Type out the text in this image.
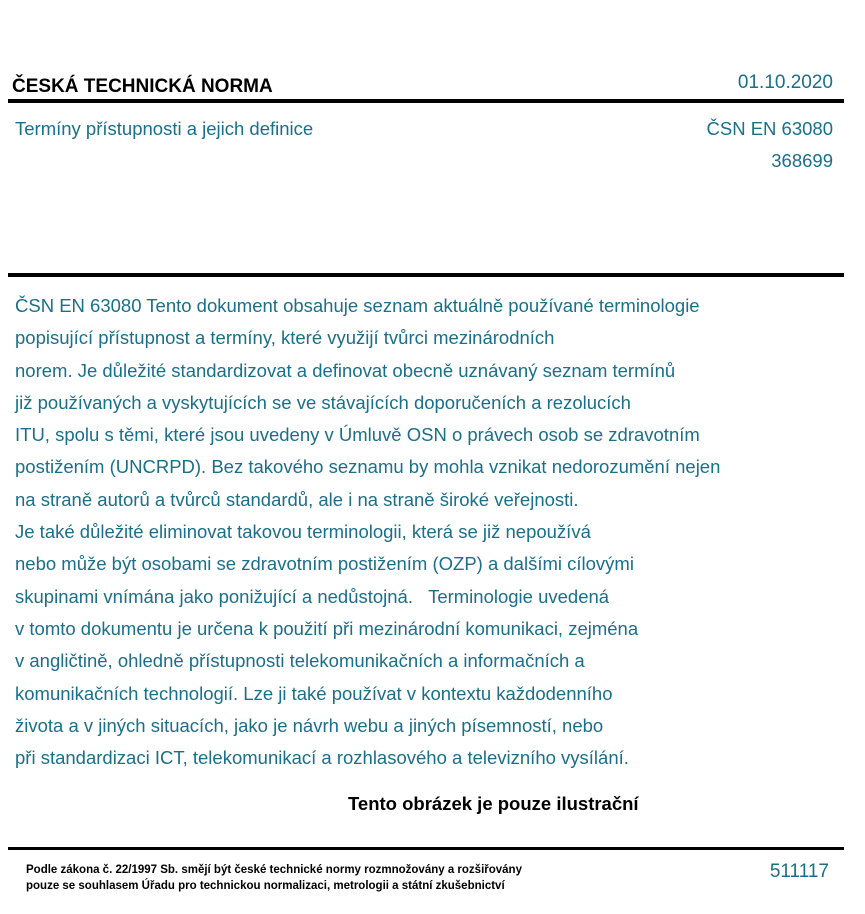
ČESKÁ TECHNICKÁ NORMA	01.10.2020
Termíny přístupnosti a jejich definice	ČSN EN 63080
368699
ČSN EN 63080 Tento dokument obsahuje seznam aktuálně používané terminologie
popisující přístupnost a termíny, které využijí tvůrci mezinárodních
norem. Je důležité standardizovat a definovat obecně uznávaný seznam termínů
již používaných a vyskytujících se ve stávajících doporučeních a rezolucích
ITU, spolu s těmi, které jsou uvedeny v Úmluvě OSN o právech osob se zdravotním
postižením (UNCRPD). Bez takového seznamu by mohla vznikat nedorozumění nejen
na straně autorů a tvůrců standardů, ale i na straně široké veřejnosti.
Je také důležité eliminovat takovou terminologii, která se již nepoužívá
nebo může být osobami se zdravotním postižením (OZP) a dalšími cílovými
skupinami vnímána jako ponižující a nedůstojná.   Terminologie uvedená
v tomto dokumentu je určena k použití při mezinárodní komunikaci, zejména
v angličtině, ohledně přístupnosti telekomunikačních a informačních a
komunikačních technologií. Lze ji také používat v kontextu každodenního
života a v jiných situacích, jako je návrh webu a jiných písemností, nebo
při standardizaci ICT, telekomunikací a rozhlasového a televizního vysílání.
Tento obrázek je pouze ilustrační
Podle zákona č. 22/1997 Sb. smějí být české technické normy rozmnožovány a rozšiřovány
pouze se souhlasem Úřadu pro technickou normalizaci, metrologii a státní zkušebnictví
511117
